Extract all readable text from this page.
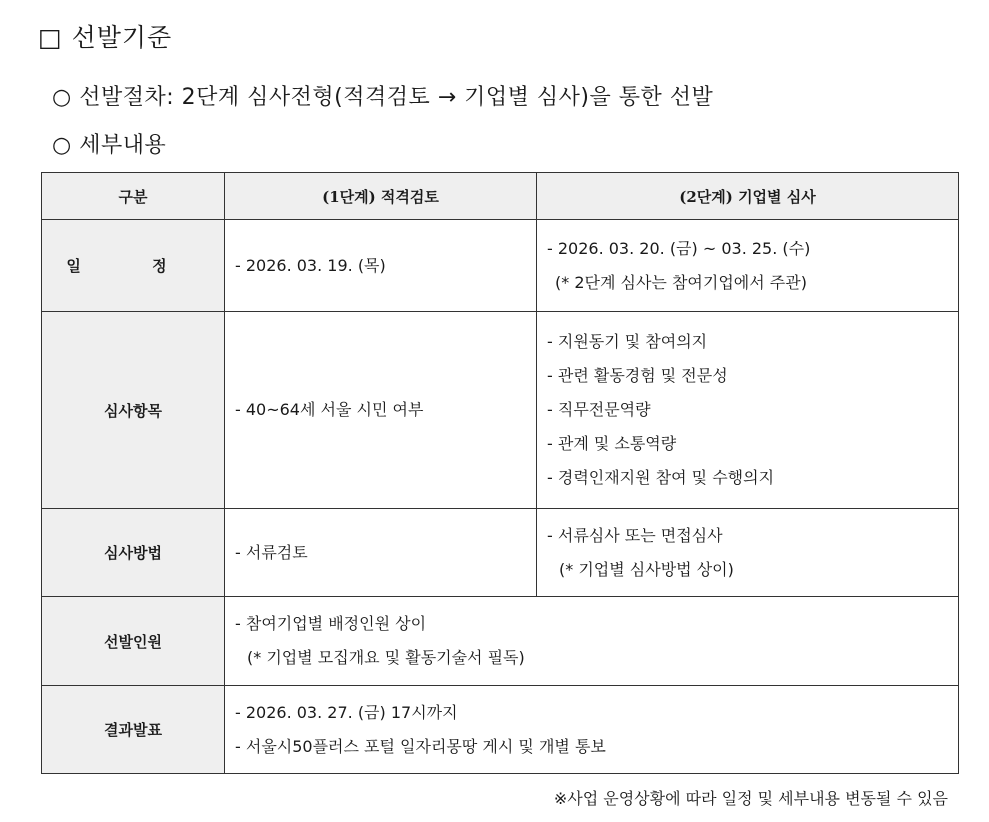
□ 선발기준
○ 선발절차: 2단계 심사전형(적격검토 → 기업별 심사)을 통한 선발
○ 세부내용
구분	(1단계) 적격검토	(2단계) 기업별 심사
일 정	- 2026. 03. 19. (목)	- 2026. 03. 20. (금) ~ 03. 25. (수)
(* 2단계 심사는 참여기업에서 주관)

심사항목	- 40~64세 서울 시민 여부	- 지원동기 및 참여의지
- 관련 활동경험 및 전문성
- 직무전문역량
- 관계 및 소통역량
- 경력인재지원 참여 및 수행의지

심사방법	- 서류검토	- 서류심사 또는 면접심사
(* 기업별 심사방법 상이)

선발인원	- 참여기업별 배정인원 상이
(* 기업별 모집개요 및 활동기술서 필독)	

결과발표	- 2026. 03. 27. (금) 17시까지
- 서울시50플러스 포털 일자리몽땅 게시 및 개별 통보	
※사업 운영상황에 따라 일정 및 세부내용 변동될 수 있음
